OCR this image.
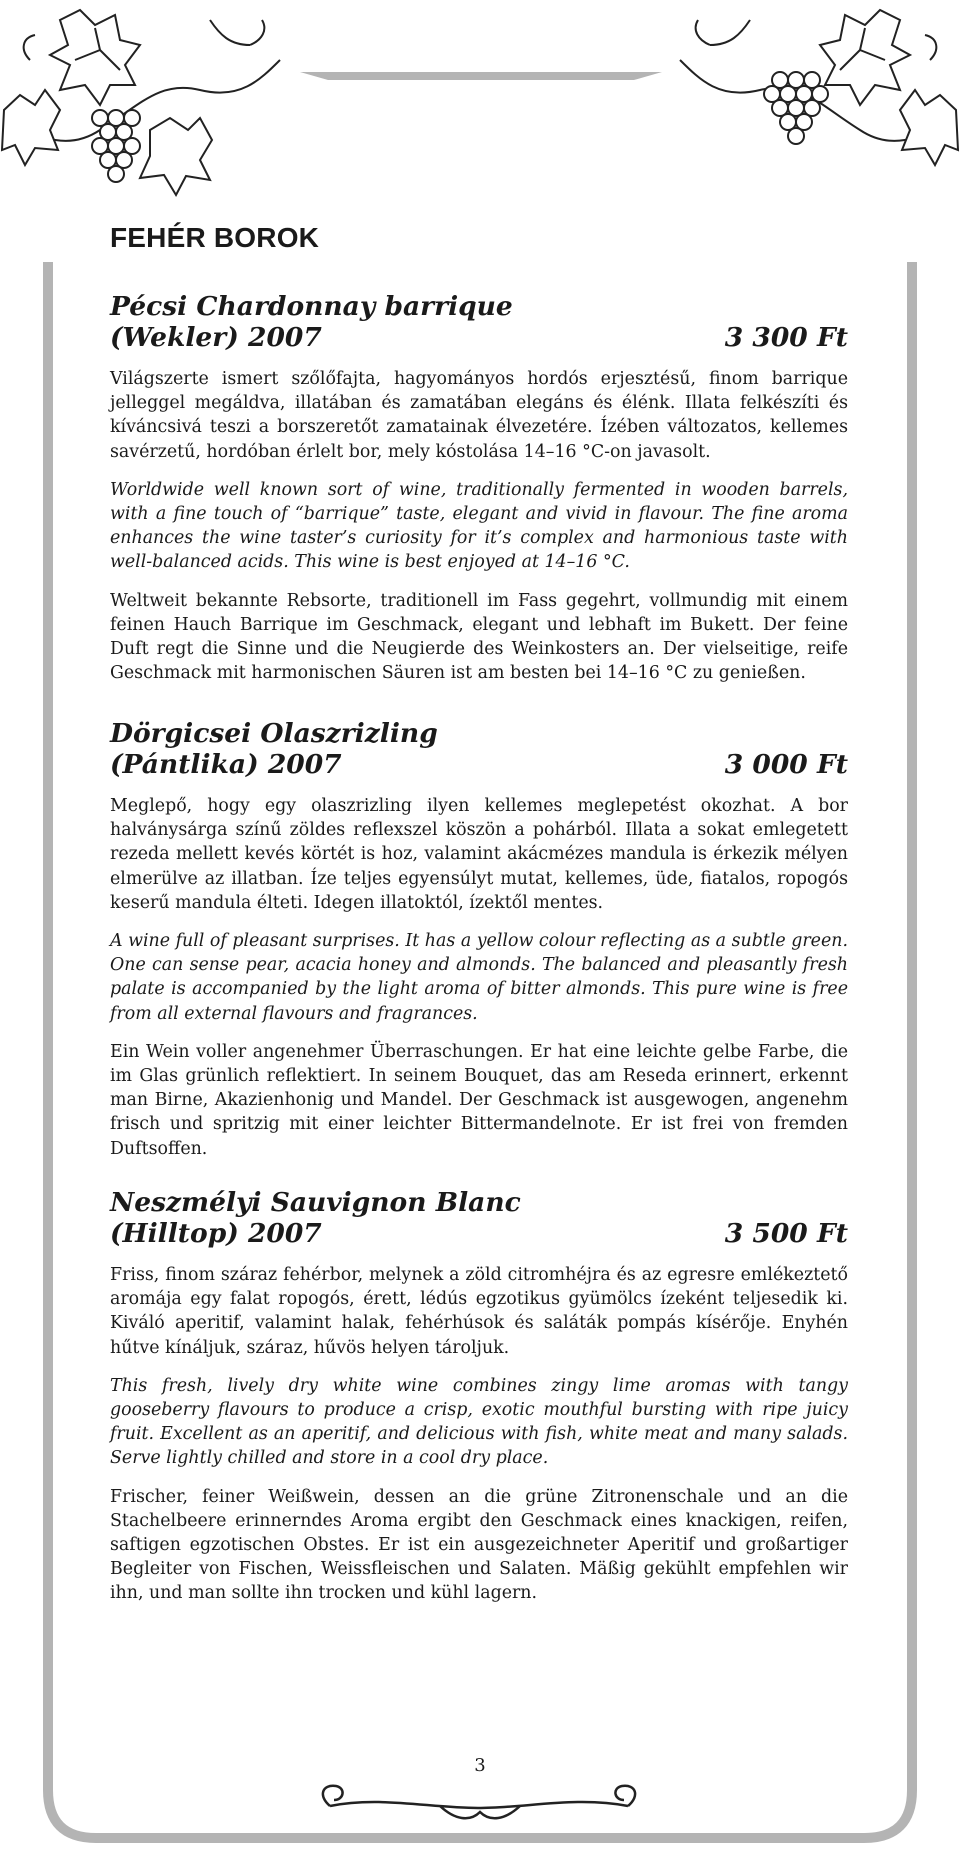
FEHÉR BOROK
Pécsi Chardonnay barrique
(Wekler) 2007	3 300 Ft

Világszerte ismert szőlőfajta, hagyományos hordós erjesztésű, finom barrique jelleggel megáldva, illatában és zamatában elegáns és élénk. Illata felkészíti és kíváncsivá teszi a borszeretőt zamatainak élvezetére. Ízében változatos, kellemes savérzetű, hordóban érlelt bor, mely kóstolása 14–16 °C-on javasolt.

Worldwide well known sort of wine, traditionally fermented in wooden barrels, with a fine touch of “barrique” taste, elegant and vivid in flavour. The fine aroma enhances the wine taster’s curiosity for it’s complex and harmonious taste with well-balanced acids. This wine is best enjoyed at 14–16 °C.

Weltweit bekannte Rebsorte, traditionell im Fass gegehrt, vollmundig mit einem feinen Hauch Barrique im Geschmack, elegant und lebhaft im Bukett. Der feine Duft regt die Sinne und die Neugierde des Weinkosters an. Der vielseitige, reife Geschmack mit harmonischen Säuren ist am besten bei 14–16 °C zu genießen.

Dörgicsei Olaszrizling
(Pántlika) 2007	3 000 Ft

Meglepő, hogy egy olaszrizling ilyen kellemes meglepetést okozhat. A bor halványsárga színű zöldes reflexszel köszön a pohárból. Illata a sokat emlegetett rezeda mellett kevés körtét is hoz, valamint akácmézes mandula is érkezik mélyen elmerülve az illatban. Íze teljes egyensúlyt mutat, kellemes, üde, fiatalos, ropogós keserű mandula élteti. Idegen illatoktól, ízektől mentes.

A wine full of pleasant surprises. It has a yellow colour reflecting as a subtle green. One can sense pear, acacia honey and almonds. The balanced and pleasantly fresh palate is accompanied by the light aroma of bitter almonds. This pure wine is free from all external flavours and fragrances.

Ein Wein voller angenehmer Überraschungen. Er hat eine leichte gelbe Farbe, die im Glas grünlich reflektiert. In seinem Bouquet, das am Reseda erinnert, erkennt man Birne, Akazienhonig und Mandel. Der Geschmack ist ausgewogen, angenehm frisch und spritzig mit einer leichter Bittermandelnote. Er ist frei von fremden Duftsoffen.

Neszmélyi Sauvignon Blanc
(Hilltop) 2007	3 500 Ft

Friss, finom száraz fehérbor, melynek a zöld citromhéjra és az egresre emlékeztető aromája egy falat ropogós, érett, lédús egzotikus gyümölcs ízeként teljesedik ki. Kiváló aperitif, valamint halak, fehérhúsok és saláták pompás kísérője. Enyhén hűtve kínáljuk, száraz, hűvös helyen tároljuk.

This fresh, lively dry white wine combines zingy lime aromas with tangy gooseberry flavours to produce a crisp, exotic mouthful bursting with ripe juicy fruit. Excellent as an aperitif, and delicious with fish, white meat and many salads. Serve lightly chilled and store in a cool dry place.

Frischer, feiner Weißwein, dessen an die grüne Zitronenschale und an die Stachelbeere erinnerndes Aroma ergibt den Geschmack eines knackigen, reifen, saftigen egzotischen Obstes. Er ist ein ausgezeichneter Aperitif und großartiger Begleiter von Fischen, Weissfleischen und Salaten. Mäßig gekühlt empfehlen wir ihn, und man sollte ihn trocken und kühl lagern.

3
